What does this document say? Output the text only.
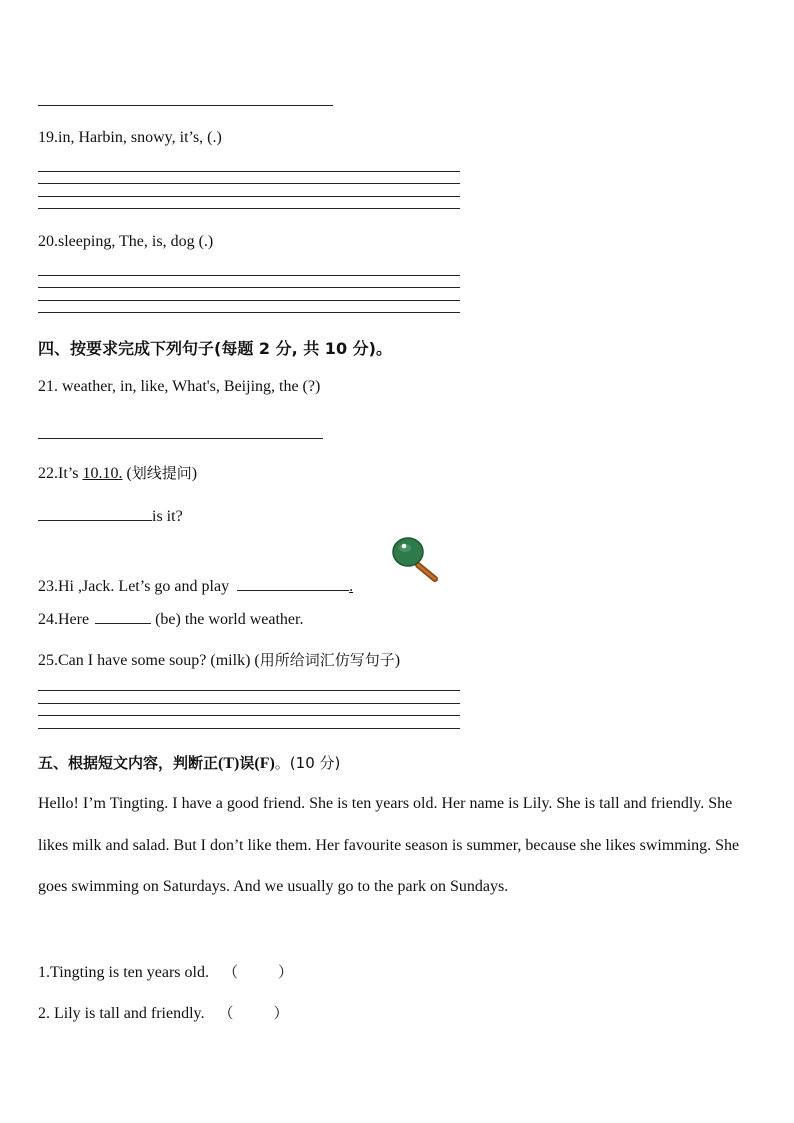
19.in, Harbin, snowy, it’s, (.)
20.sleeping, The, is, dog (.)
四、按要求完成下列句子(每题 2 分, 共 10 分)。
21. weather, in, like, What's, Beijing, the (?)
22.It’s 10.10. (划线提问)
is it?
23.Hi ,Jack. Let’s go and play	.
24.Here	(be) the world weather.
25.Can I have some soup? (milk) (用所给词汇仿写句子)
五、根据短文内容，判断正(T)误(F)。(10 分)
Hello! I’m Tingting. I have a good friend. She is ten years old. Her name is Lily. She is tall and friendly. She likes milk and salad. But I don’t like them. Her favourite season is summer, because she likes swimming. She goes swimming on Saturdays. And we usually go to the park on Sundays.
1.Tingting is ten years old. （	）
2. Lily is tall and friendly. （	）
